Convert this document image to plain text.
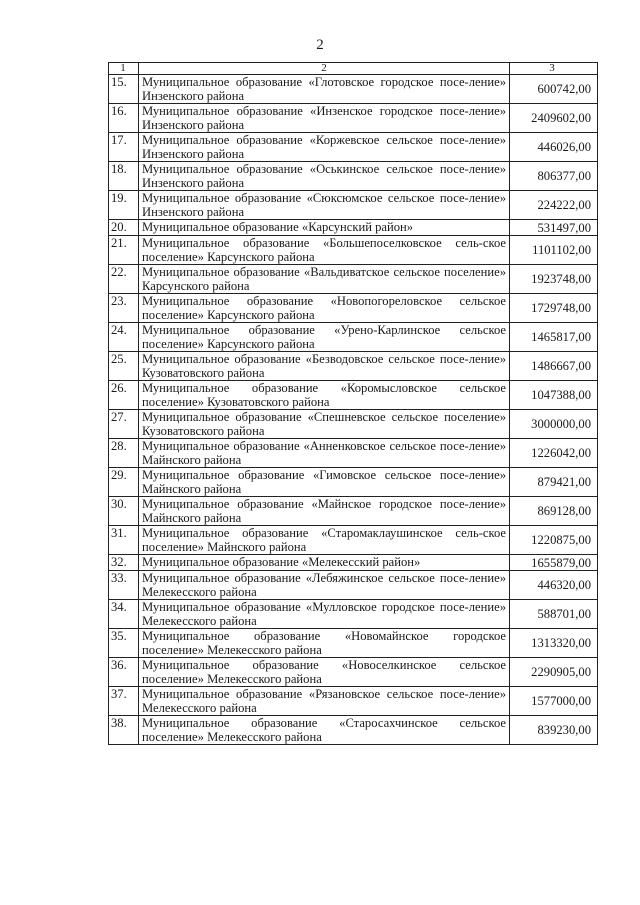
2
1	2	3
15.	Муниципальное образование «Глотовское городское посе-ление» Инзенского района	600742,00
16.	Муниципальное образование «Инзенское городское посе-ление» Инзенского района	2409602,00
17.	Муниципальное образование «Коржевское сельское посе-ление» Инзенского района	446026,00
18.	Муниципальное образование «Оськинское сельское посе-ление» Инзенского района	806377,00
19.	Муниципальное образование «Сюксюмское сельское посе-ление» Инзенского района	224222,00
20.	Муниципальное образование «Карсунский район»	531497,00
21.	Муниципальное образование «Большепоселковское сель-ское поселение» Карсунского района	1101102,00
22.	Муниципальное образование «Вальдиватское сельское поселение» Карсунского района	1923748,00
23.	Муниципальное образование «Новопогореловское сельское поселение» Карсунского района	1729748,00
24.	Муниципальное образование «Урено-Карлинское сельское поселение» Карсунского района	1465817,00
25.	Муниципальное образование «Безводовское сельское посе-ление» Кузоватовского района	1486667,00
26.	Муниципальное образование «Коромысловское сельское поселение» Кузоватовского района	1047388,00
27.	Муниципальное образование «Спешневское сельское поселение» Кузоватовского района	3000000,00
28.	Муниципальное образование «Анненковское сельское посе-ление» Майнского района	1226042,00
29.	Муниципальное образование «Гимовское сельское посе-ление» Майнского района	879421,00
30.	Муниципальное образование «Майнское городское посе-ление» Майнского района	869128,00
31.	Муниципальное образование «Старомаклаушинское сель-ское поселение» Майнского района	1220875,00
32.	Муниципальное образование «Мелекесский район»	1655879,00
33.	Муниципальное образование «Лебяжинское сельское посе-ление» Мелекесского района	446320,00
34.	Муниципальное образование «Мулловское городское посе-ление» Мелекесского района	588701,00
35.	Муниципальное образование «Новомайнское городское поселение» Мелекесского района	1313320,00
36.	Муниципальное образование «Новоселкинское сельское поселение» Мелекесского района	2290905,00
37.	Муниципальное образование «Рязановское сельское посе-ление» Мелекесского района	1577000,00
38.	Муниципальное образование «Старосахчинское сельское поселение» Мелекесского района	839230,00
